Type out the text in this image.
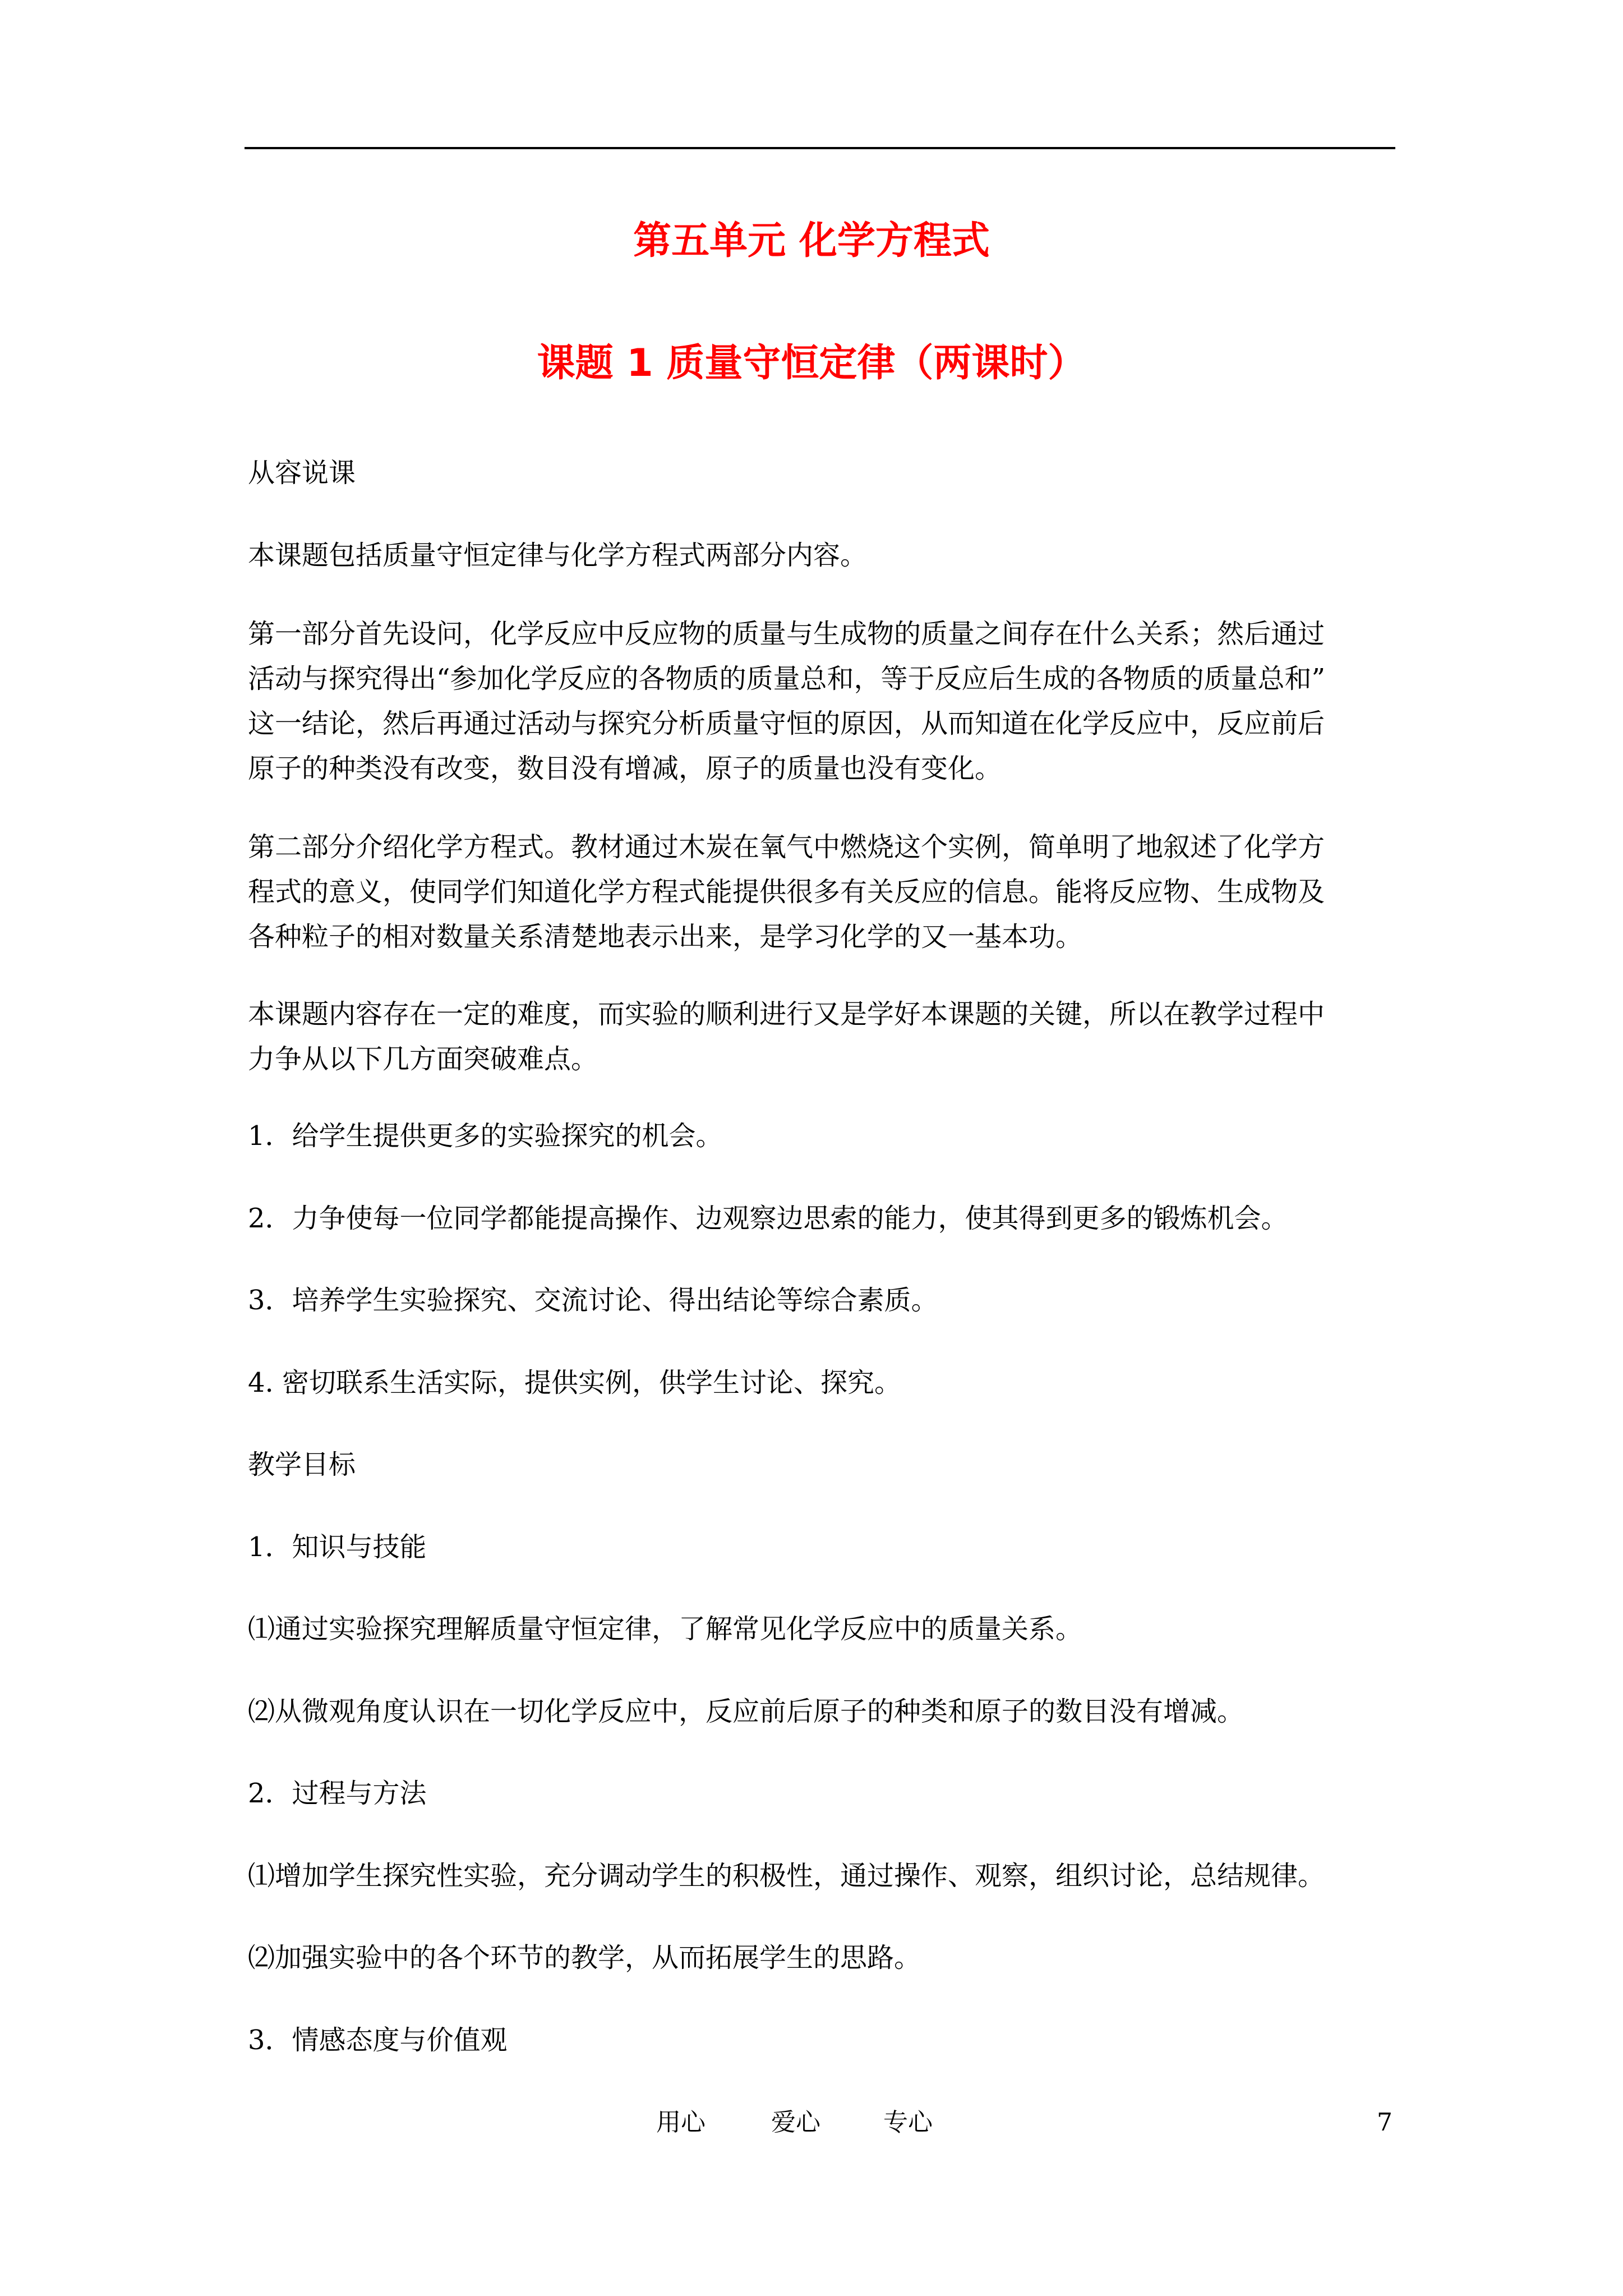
第五单元 化学方程式
课题 1 质量守恒定律（两课时）
从容说课
本课题包括质量守恒定律与化学方程式两部分内容。
第一部分首先设问，化学反应中反应物的质量与生成物的质量之间存在什么关系；然后通过
活动与探究得出“参加化学反应的各物质的质量总和，等于反应后生成的各物质的质量总和”
这一结论，然后再通过活动与探究分析质量守恒的原因，从而知道在化学反应中，反应前后
原子的种类没有改变，数目没有增减，原子的质量也没有变化。
第二部分介绍化学方程式。教材通过木炭在氧气中燃烧这个实例，简单明了地叙述了化学方
程式的意义，使同学们知道化学方程式能提供很多有关反应的信息。能将反应物、生成物及
各种粒子的相对数量关系清楚地表示出来，是学习化学的又一基本功。
本课题内容存在一定的难度，而实验的顺利进行又是学好本课题的关键，所以在教学过程中
力争从以下几方面突破难点。
1．给学生提供更多的实验探究的机会。
2．力争使每一位同学都能提高操作、边观察边思索的能力，使其得到更多的锻炼机会。
3．培养学生实验探究、交流讨论、得出结论等综合素质。
4. 密切联系生活实际，提供实例，供学生讨论、探究。
教学目标
1．知识与技能
⑴通过实验探究理解质量守恒定律，了解常见化学反应中的质量关系。
⑵从微观角度认识在一切化学反应中，反应前后原子的种类和原子的数目没有增减。
2．过程与方法
⑴增加学生探究性实验，充分调动学生的积极性，通过操作、观察，组织讨论，总结规律。
⑵加强实验中的各个环节的教学，从而拓展学生的思路。
3．情感态度与价值观
用心	爱心	专心	7
